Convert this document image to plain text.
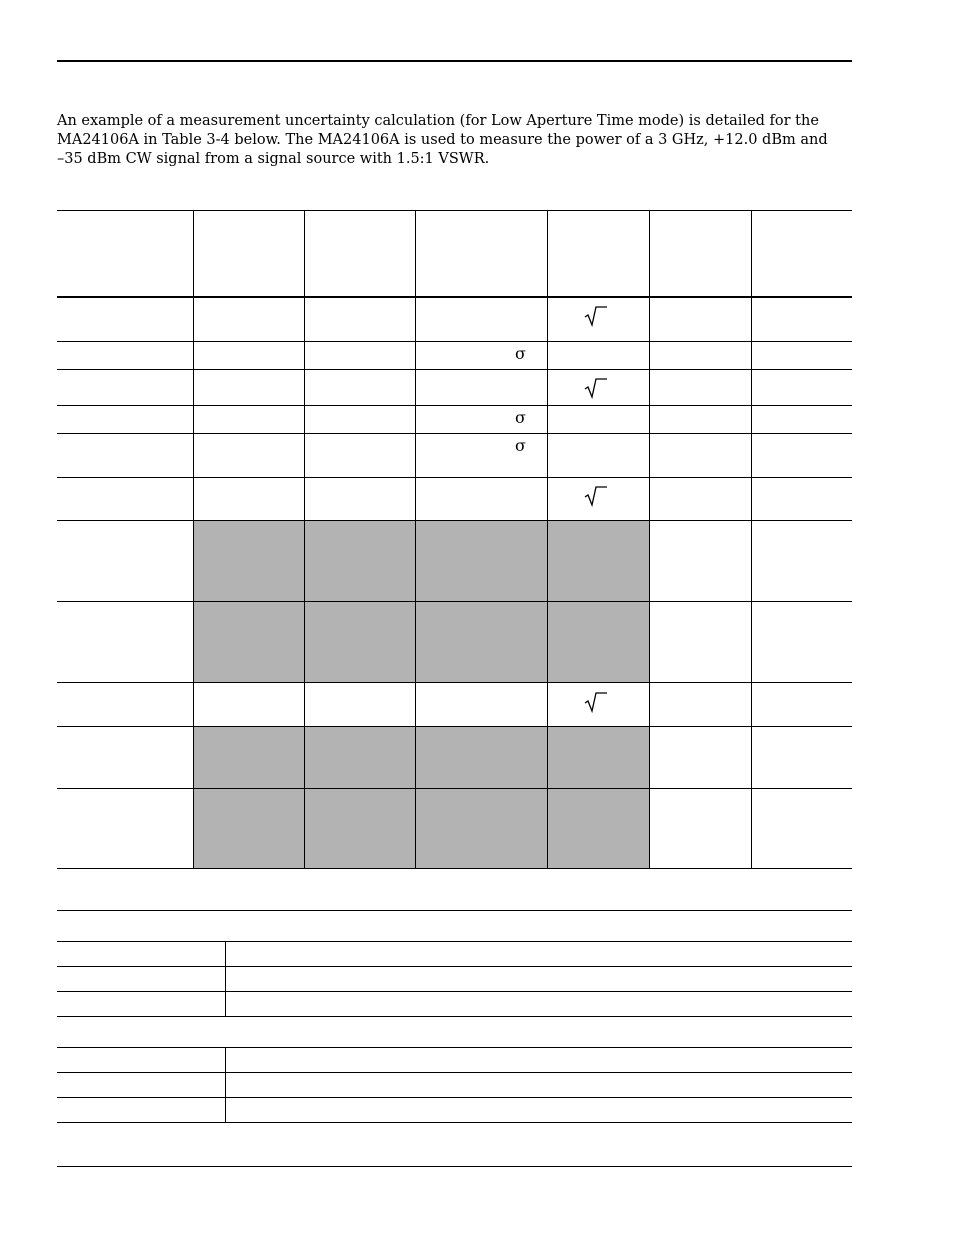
An example of a measurement uncertainty calculation (for Low Aperture Time mode) is detailed for the

MA24106A in Table 3-4 below. The MA24106A is used to measure the power of a 3 GHz, +12.0 dBm and

–35 dBm CW signal from a signal source with 1.5:1 VSWR.

σ
σ
σ
